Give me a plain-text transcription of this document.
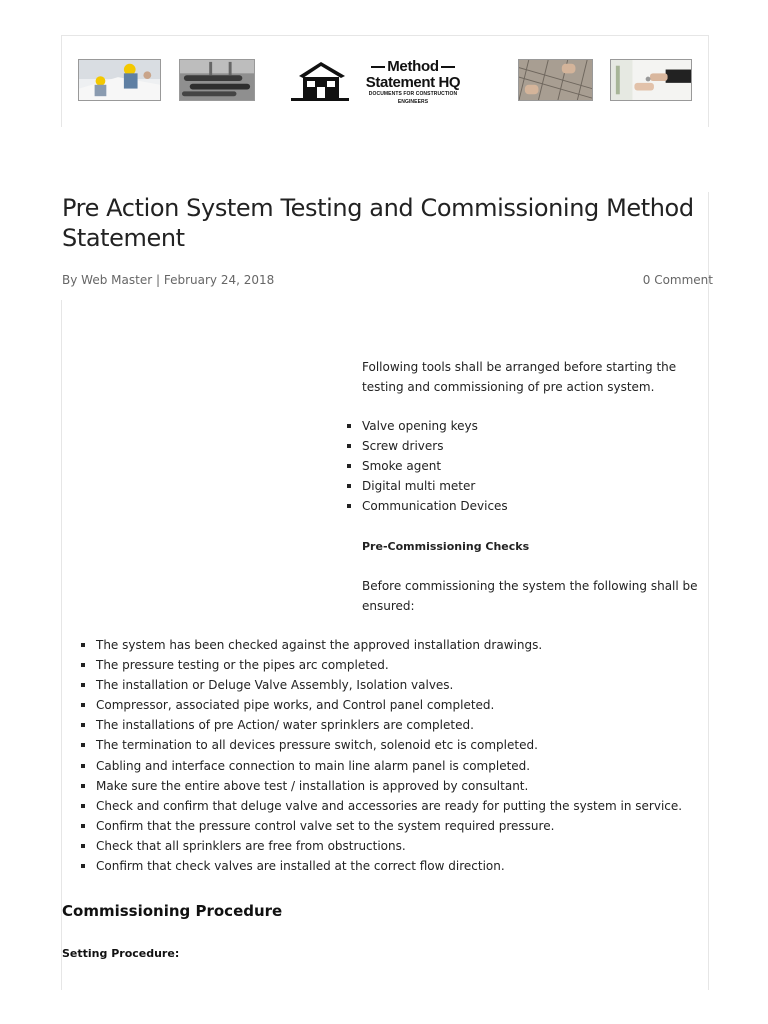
Method
Statement HQ
DOCUMENTS FOR CONSTRUCTION ENGINEERS
Pre Action System Testing and Commissioning Method Statement
By Web Master | February 24, 2018	0 Comment

Following tools shall be arranged before starting the testing and commissioning of pre action system.

Valve opening keys
Screw drivers
Smoke agent
Digital multi meter
Communication Devices
Pre-Commissioning Checks

Before commissioning the system the following shall be ensured:

The system has been checked against the approved installation drawings.
The pressure testing or the pipes arc completed.
The installation or Deluge Valve Assembly, Isolation valves.
Compressor, associated pipe works, and Control panel completed.
The installations of pre Action/ water sprinklers are completed.
The termination to all devices pressure switch, solenoid etc is completed.
Cabling and interface connection to main line alarm panel is completed.
Make sure the entire above test / installation is approved by consultant.
Check and confirm that deluge valve and accessories are ready for putting the system in service.
Confirm that the pressure control valve set to the system required pressure.
Check that all sprinklers are free from obstructions.
Confirm that check valves are installed at the correct flow direction.
Commissioning Procedure
Setting Procedure:
